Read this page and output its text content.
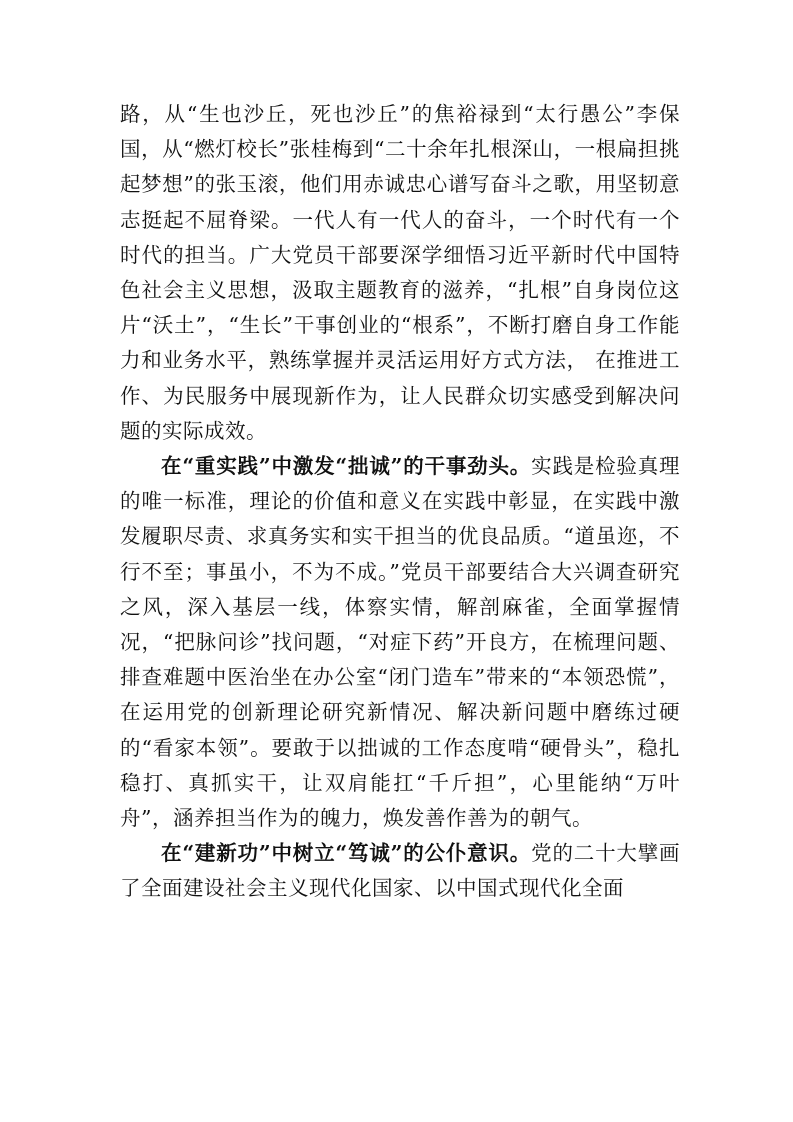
路，从“生也沙丘，死也沙丘”的焦裕禄到“太行愚公”李保国，从“燃灯校长”张桂梅到“二十余年扎根深山，一根扁担挑起梦想”的张玉滚，他们用赤诚忠心谱写奋斗之歌，用坚韧意志挺起不屈脊梁。一代人有一代人的奋斗，一个时代有一个时代的担当。广大党员干部要深学细悟习近平新时代中国特色社会主义思想，汲取主题教育的滋养，“扎根”自身岗位这片“沃土”，“生长”干事创业的“根系”，不断打磨自身工作能力和业务水平，熟练掌握并灵活运用好方式方法， 在推进工作、为民服务中展现新作为，让人民群众切实感受到解决问题的实际成效。

在“重实践”中激发“拙诚”的干事劲头。实践是检验真理的唯一标准，理论的价值和意义在实践中彰显，在实践中激发履职尽责、求真务实和实干担当的优良品质。“道虽迩，不行不至；事虽小，不为不成。”党员干部要结合大兴调查研究之风，深入基层一线，体察实情，解剖麻雀，全面掌握情况，“把脉问诊”找问题，“对症下药”开良方，在梳理问题、排查难题中医治坐在办公室“闭门造车”带来的“本领恐慌”，在运用党的创新理论研究新情况、解决新问题中磨练过硬的“看家本领”。要敢于以拙诚的工作态度啃“硬骨头”，稳扎稳打、真抓实干，让双肩能扛“千斤担”，心里能纳“万叶舟”，涵养担当作为的魄力，焕发善作善为的朝气。

在“建新功”中树立“笃诚”的公仆意识。党的二十大擘画了全面建设社会主义现代化国家、以中国式现代化全面
